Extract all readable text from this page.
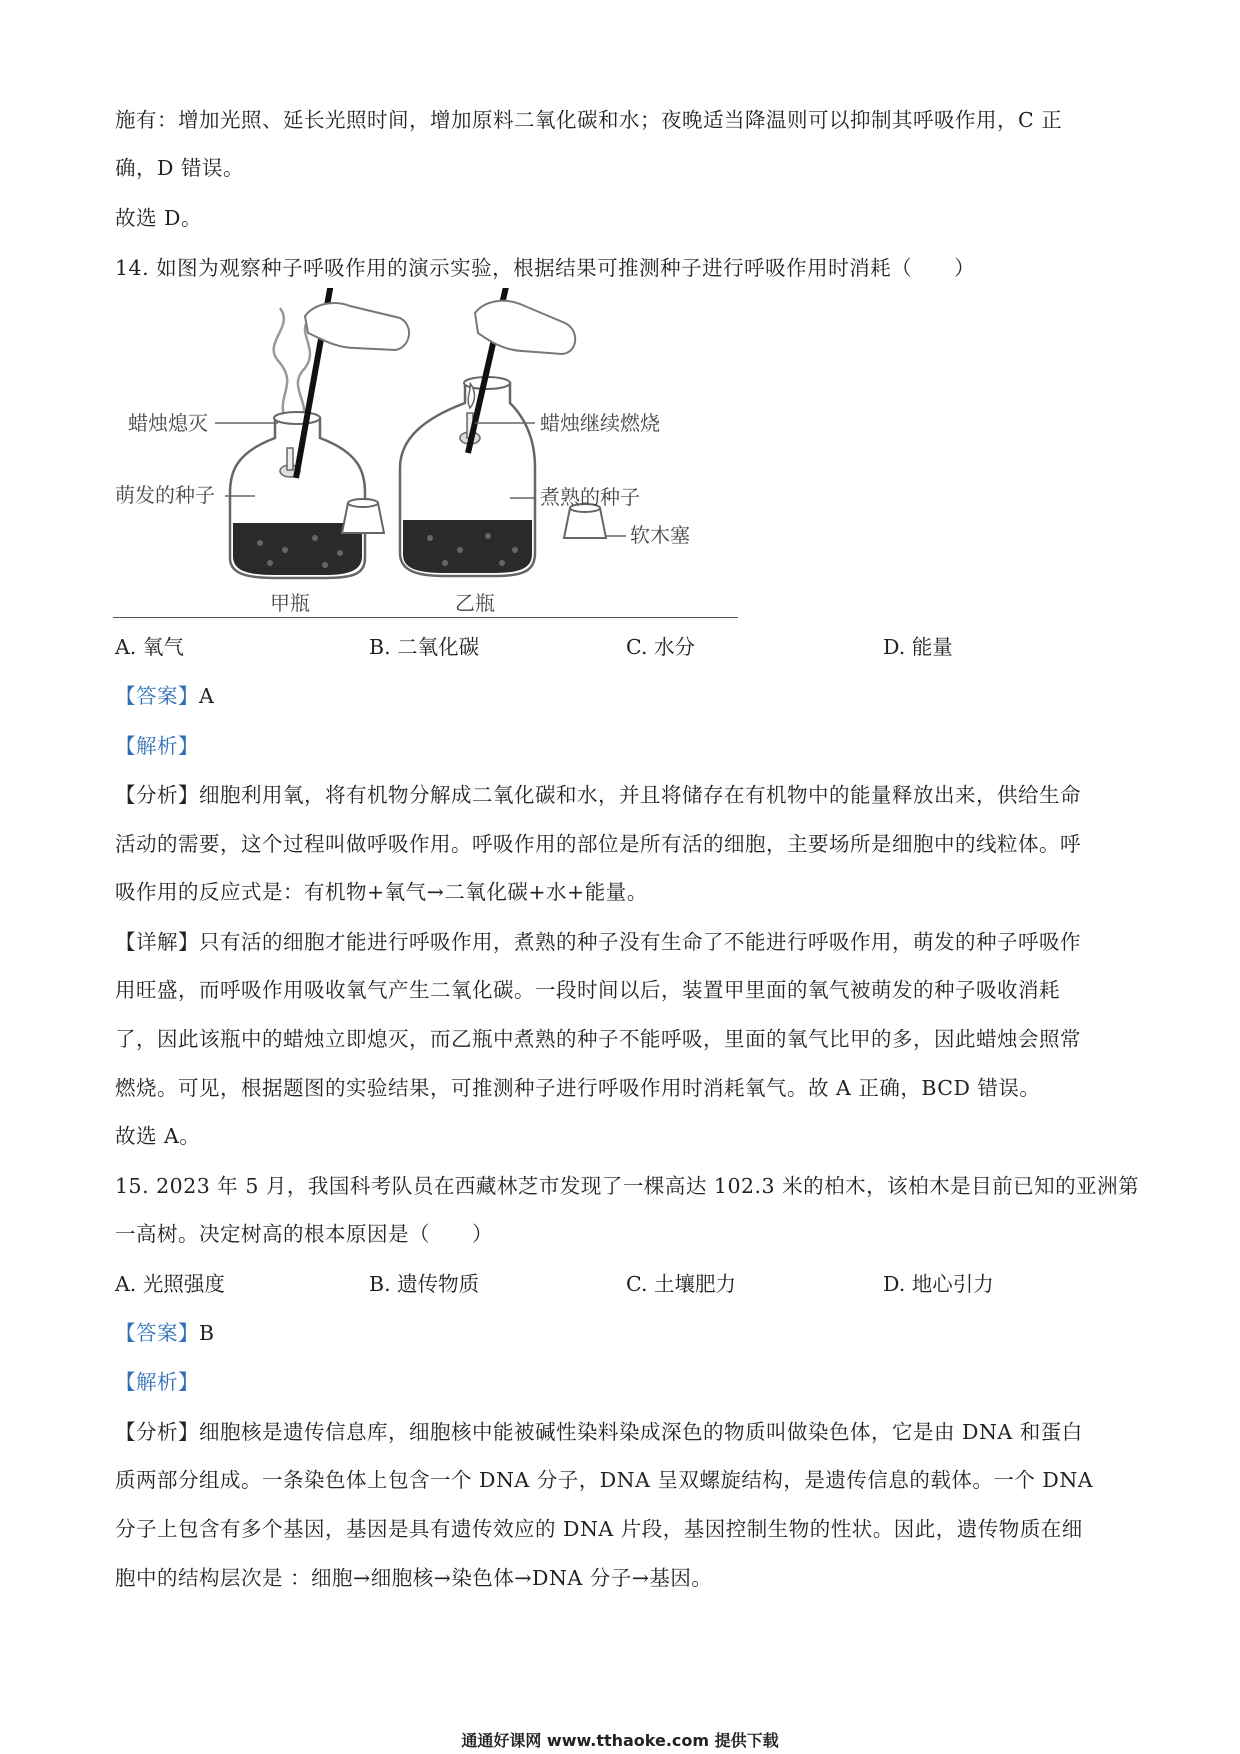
施有：增加光照、延长光照时间，增加原料二氧化碳和水；夜晚适当降温则可以抑制其呼吸作用，C 正
确，D 错误。
故选 D。
14. 如图为观察种子呼吸作用的演示实验，根据结果可推测种子进行呼吸作用时消耗（　　）
蜡烛熄灭
萌发的种子
蜡烛继续燃烧
煮熟的种子
软木塞
甲瓶	乙瓶
A. 氧气	B. 二氧化碳	C. 水分	D. 能量
【答案】A
【解析】
【分析】细胞利用氧，将有机物分解成二氧化碳和水，并且将储存在有机物中的能量释放出来，供给生命
活动的需要，这个过程叫做呼吸作用。呼吸作用的部位是所有活的细胞，主要场所是细胞中的线粒体。呼
吸作用的反应式是：有机物+氧气→二氧化碳+水+能量。
【详解】只有活的细胞才能进行呼吸作用，煮熟的种子没有生命了不能进行呼吸作用，萌发的种子呼吸作
用旺盛，而呼吸作用吸收氧气产生二氧化碳。一段时间以后，装置甲里面的氧气被萌发的种子吸收消耗
了，因此该瓶中的蜡烛立即熄灭，而乙瓶中煮熟的种子不能呼吸，里面的氧气比甲的多，因此蜡烛会照常
燃烧。可见，根据题图的实验结果，可推测种子进行呼吸作用时消耗氧气。故 A 正确，BCD 错误。
故选 A。
15. 2023 年 5 月，我国科考队员在西藏林芝市发现了一棵高达 102.3 米的柏木，该柏木是目前已知的亚洲第
一高树。决定树高的根本原因是（　　）
A. 光照强度	B. 遗传物质	C. 土壤肥力	D. 地心引力
【答案】B
【解析】
【分析】细胞核是遗传信息库，细胞核中能被碱性染料染成深色的物质叫做染色体，它是由 DNA 和蛋白
质两部分组成。一条染色体上包含一个 DNA 分子，DNA 呈双螺旋结构，是遗传信息的载体。一个 DNA
分子上包含有多个基因，基因是具有遗传效应的 DNA 片段，基因控制生物的性状。因此，遗传物质在细
胞中的结构层次是 ：细胞→细胞核→染色体→DNA 分子→基因。
通通好课网 www.tthaoke.com 提供下载
